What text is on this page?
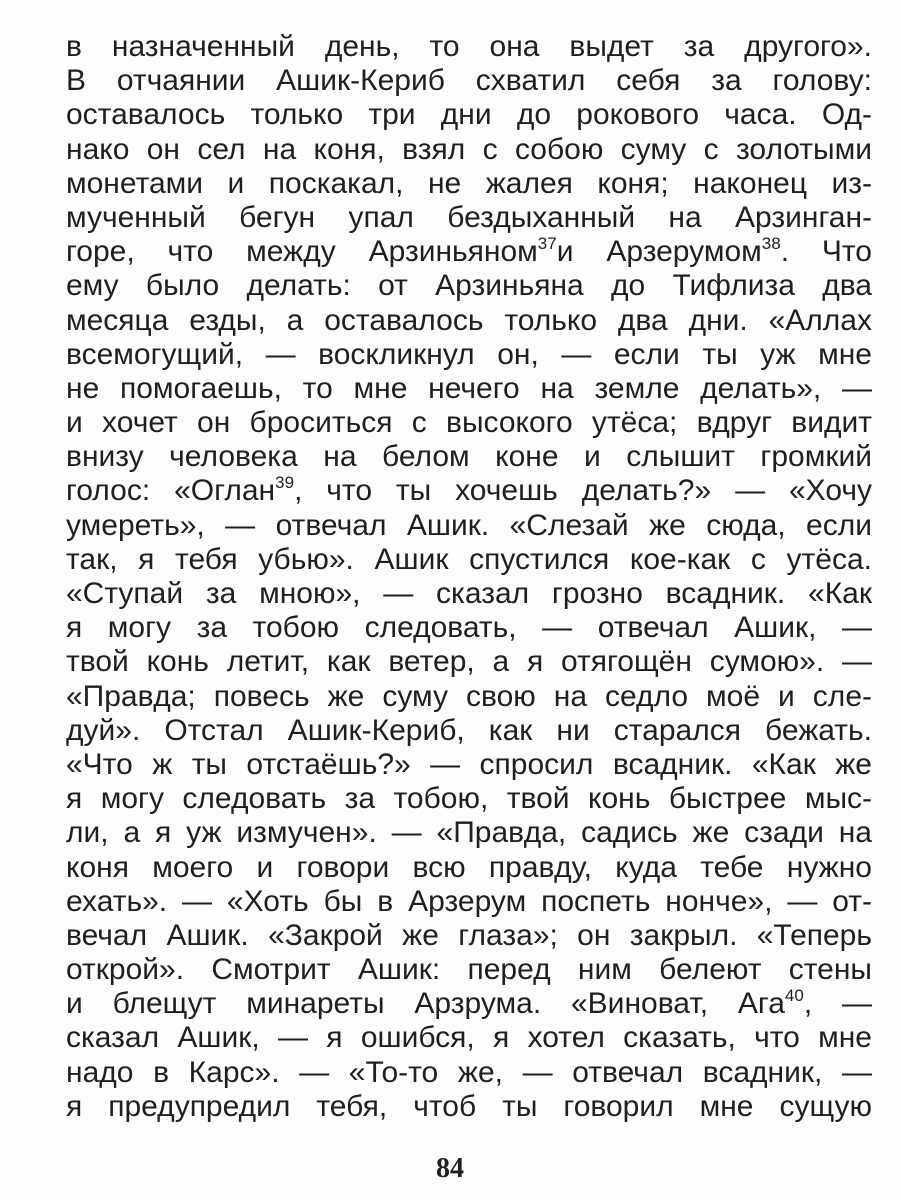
в назначенный день, то она выдет за другого».
В отчаянии Ашик-Кериб схватил себя за голову:
оставалось только три дни до рокового часа. Од-
нако он сел на коня, взял с собою суму с золотыми
монетами и поскакал, не жалея коня; наконец из-
мученный бегун упал бездыханный на Арзинган-
горе, что между Арзиньяном$^{37}$и Арзерумом$^{38}$. Что
ему было делать: от Арзиньяна до Тифлиза два
месяца езды, а оставалось только два дни. «Аллах
всемогущий, — воскликнул он, — если ты уж мне
не помогаешь, то мне нечего на земле делать», —
и хочет он броситься с высокого утёса; вдруг видит
внизу человека на белом коне и слышит громкий
голос: «Оглан$^{39}$, что ты хочешь делать?» — «Хочу
умереть», — отвечал Ашик. «Слезай же сюда, если
так, я тебя убью». Ашик спустился кое-как с утёса.
«Ступай за мною», — сказал грозно всадник. «Как
я могу за тобою следовать, — отвечал Ашик, —
твой конь летит, как ветер, а я отягощён сумою». —
«Правда; повесь же суму свою на седло моё и сле-
дуй». Отстал Ашик-Кериб, как ни старался бежать.
«Что ж ты отстаёшь?» — спросил всадник. «Как же
я могу следовать за тобою, твой конь быстрее мыс-
ли, а я уж измучен». — «Правда, садись же сзади на
коня моего и говори всю правду, куда тебе нужно
ехать». — «Хоть бы в Арзерум поспеть нонче», — от-
вечал Ашик. «Закрой же глаза»; он закрыл. «Теперь
открой». Смотрит Ашик: перед ним белеют стены
и блещут минареты Арзрума. «Виноват, Ага$^{40}$, —
сказал Ашик, — я ошибся, я хотел сказать, что мне
надо в Карс». — «То-то же, — отвечал всадник, —
я предупредил тебя, чтоб ты говорил мне сущую
84
